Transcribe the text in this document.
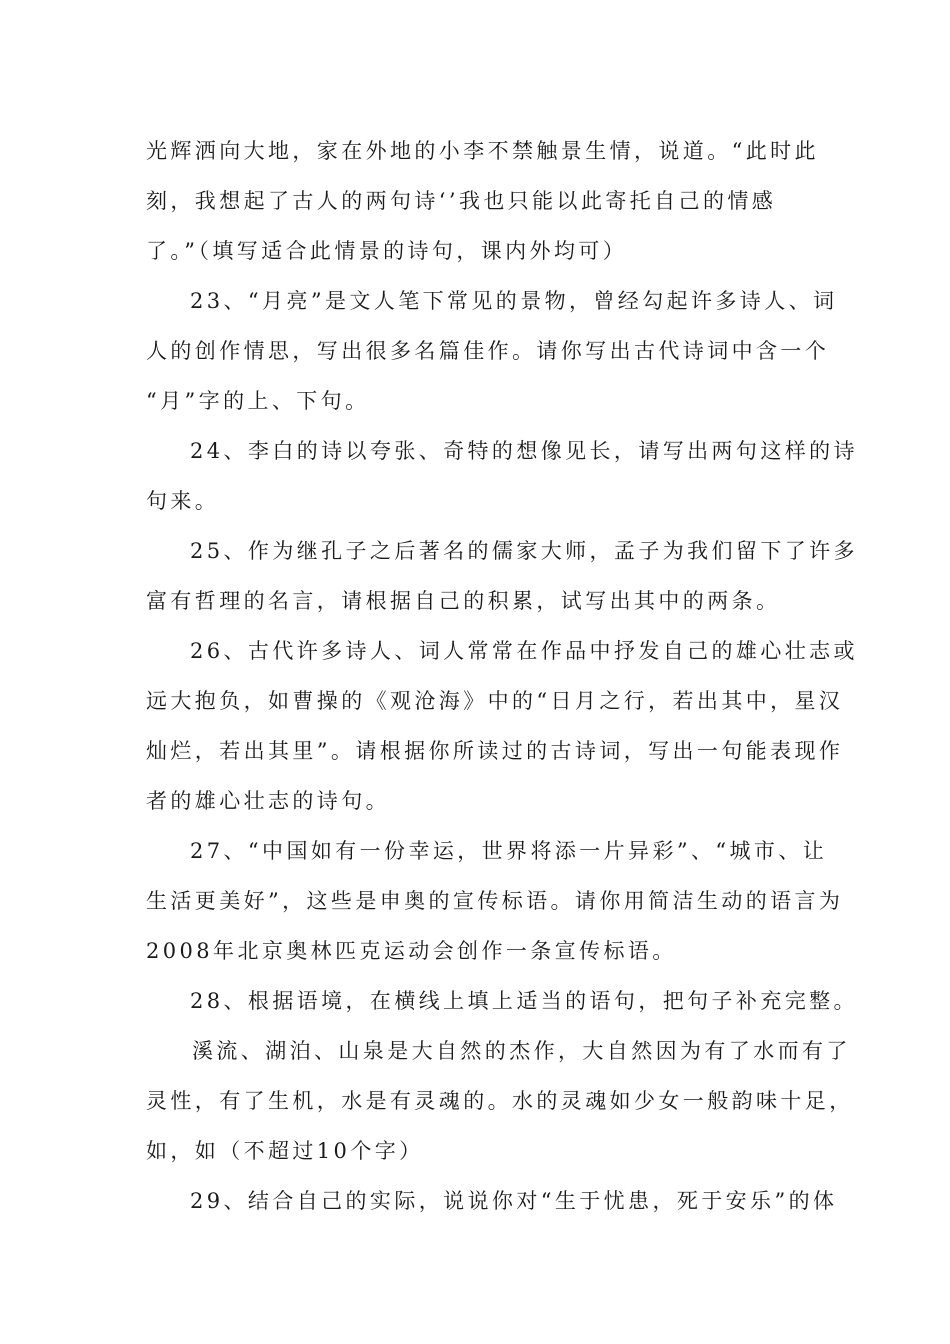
光辉洒向大地，家在外地的小李不禁触景生情，说道。“此时此
刻，我想起了古人的两句诗‘’我也只能以此寄托自己的情感
了。”（填写适合此情景的诗句，课内外均可）
23、“月亮”是文人笔下常见的景物，曾经勾起许多诗人、词
人的创作情思，写出很多名篇佳作。请你写出古代诗词中含一个
“月”字的上、下句。
24、李白的诗以夸张、奇特的想像见长，请写出两句这样的诗
句来。
25、作为继孔子之后著名的儒家大师，孟子为我们留下了许多
富有哲理的名言，请根据自己的积累，试写出其中的两条。
26、古代许多诗人、词人常常在作品中抒发自己的雄心壮志或
远大抱负，如曹操的《观沧海》中的“日月之行，若出其中，星汉
灿烂，若出其里”。请根据你所读过的古诗词，写出一句能表现作
者的雄心壮志的诗句。
27、“中国如有一份幸运，世界将添一片异彩”、“城市、让
生活更美好”，这些是申奥的宣传标语。请你用简洁生动的语言为
2008年北京奥林匹克运动会创作一条宣传标语。
28、根据语境，在横线上填上适当的语句，把句子补充完整。
溪流、湖泊、山泉是大自然的杰作，大自然因为有了水而有了
灵性，有了生机，水是有灵魂的。水的灵魂如少女一般韵味十足，
如，如（不超过10个字）
29、结合自己的实际，说说你对“生于忧患，死于安乐”的体
